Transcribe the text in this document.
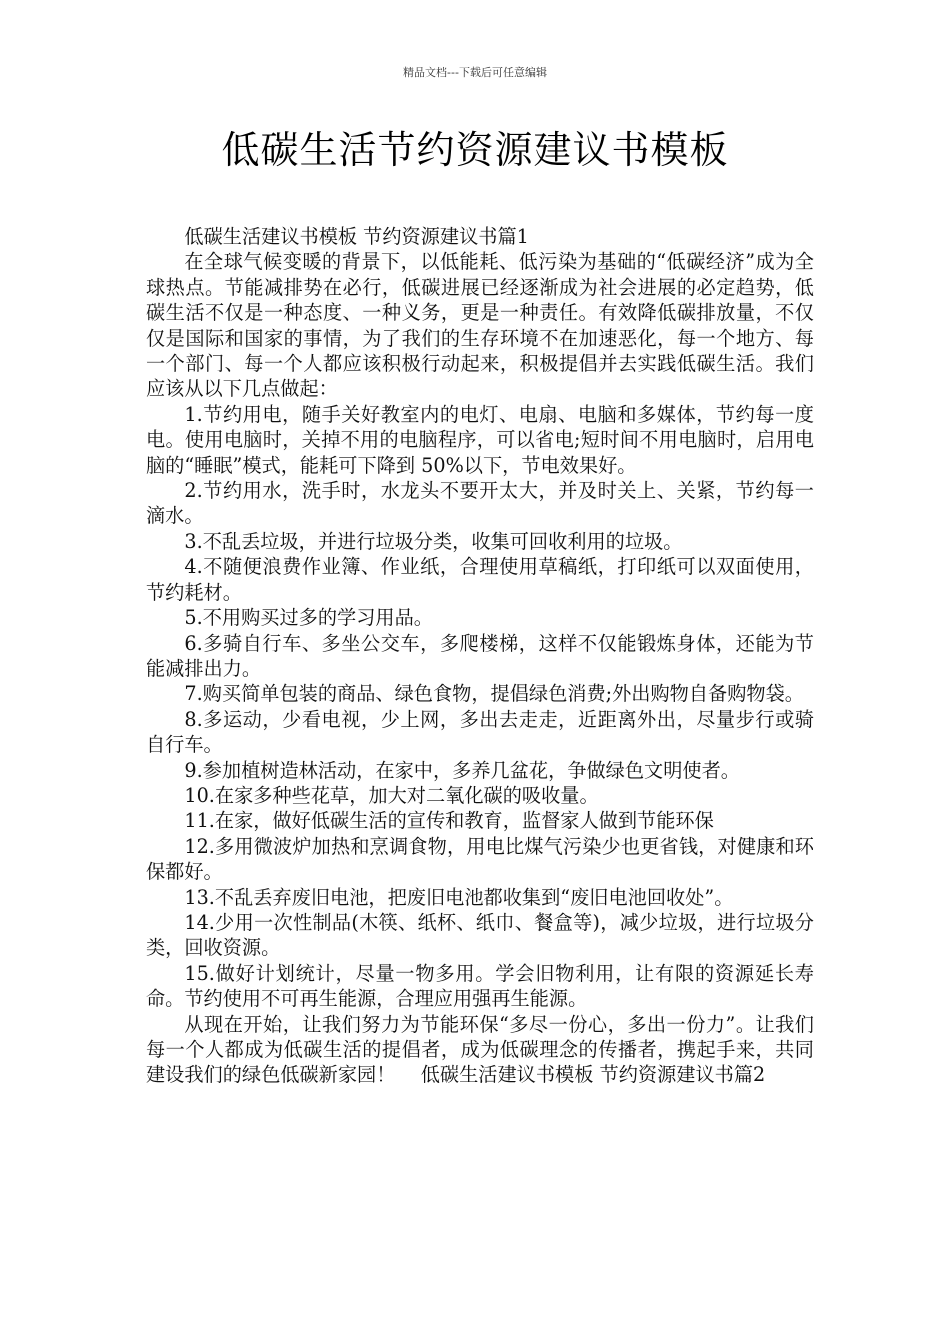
精品文档---下载后可任意编辑
低碳生活节约资源建议书模板

低碳生活建议书模板 节约资源建议书篇1

在全球气候变暖的背景下，以低能耗、低污染为基础的“低碳经济”成为全球热点。节能减排势在必行，低碳进展已经逐渐成为社会进展的必定趋势，低碳生活不仅是一种态度、一种义务，更是一种责任。有效降低碳排放量，不仅仅是国际和国家的事情，为了我们的生存环境不在加速恶化，每一个地方、每一个部门、每一个人都应该积极行动起来，积极提倡并去实践低碳生活。我们应该从以下几点做起：

1.节约用电，随手关好教室内的电灯、电扇、电脑和多媒体，节约每一度电。使用电脑时，关掉不用的电脑程序，可以省电;短时间不用电脑时，启用电脑的“睡眠”模式，能耗可下降到 50%以下，节电效果好。

2.节约用水，洗手时，水龙头不要开太大，并及时关上、关紧，节约每一滴水。

3.不乱丢垃圾，并进行垃圾分类，收集可回收利用的垃圾。

4.不随便浪费作业簿、作业纸，合理使用草稿纸，打印纸可以双面使用，节约耗材。

5.不用购买过多的学习用品。

6.多骑自行车、多坐公交车，多爬楼梯，这样不仅能锻炼身体，还能为节能减排出力。

7.购买简单包装的商品、绿色食物，提倡绿色消费;外出购物自备购物袋。

8.多运动，少看电视，少上网，多出去走走，近距离外出，尽量步行或骑自行车。

9.参加植树造林活动，在家中，多养几盆花，争做绿色文明使者。

10.在家多种些花草，加大对二氧化碳的吸收量。

11.在家，做好低碳生活的宣传和教育，监督家人做到节能环保

12.多用微波炉加热和烹调食物，用电比煤气污染少也更省钱，对健康和环保都好。

13.不乱丢弃废旧电池，把废旧电池都收集到“废旧电池回收处”。

14.少用一次性制品(木筷、纸杯、纸巾、餐盒等)，减少垃圾，进行垃圾分类，回收资源。

15.做好计划统计，尽量一物多用。学会旧物利用，让有限的资源延长寿命。节约使用不可再生能源，合理应用强再生能源。

从现在开始，让我们努力为节能环保“多尽一份心，多出一份力”。让我们每一个人都成为低碳生活的提倡者，成为低碳理念的传播者，携起手来，共同建设我们的绿色低碳新家园！　 低碳生活建议书模板 节约资源建议书篇2
